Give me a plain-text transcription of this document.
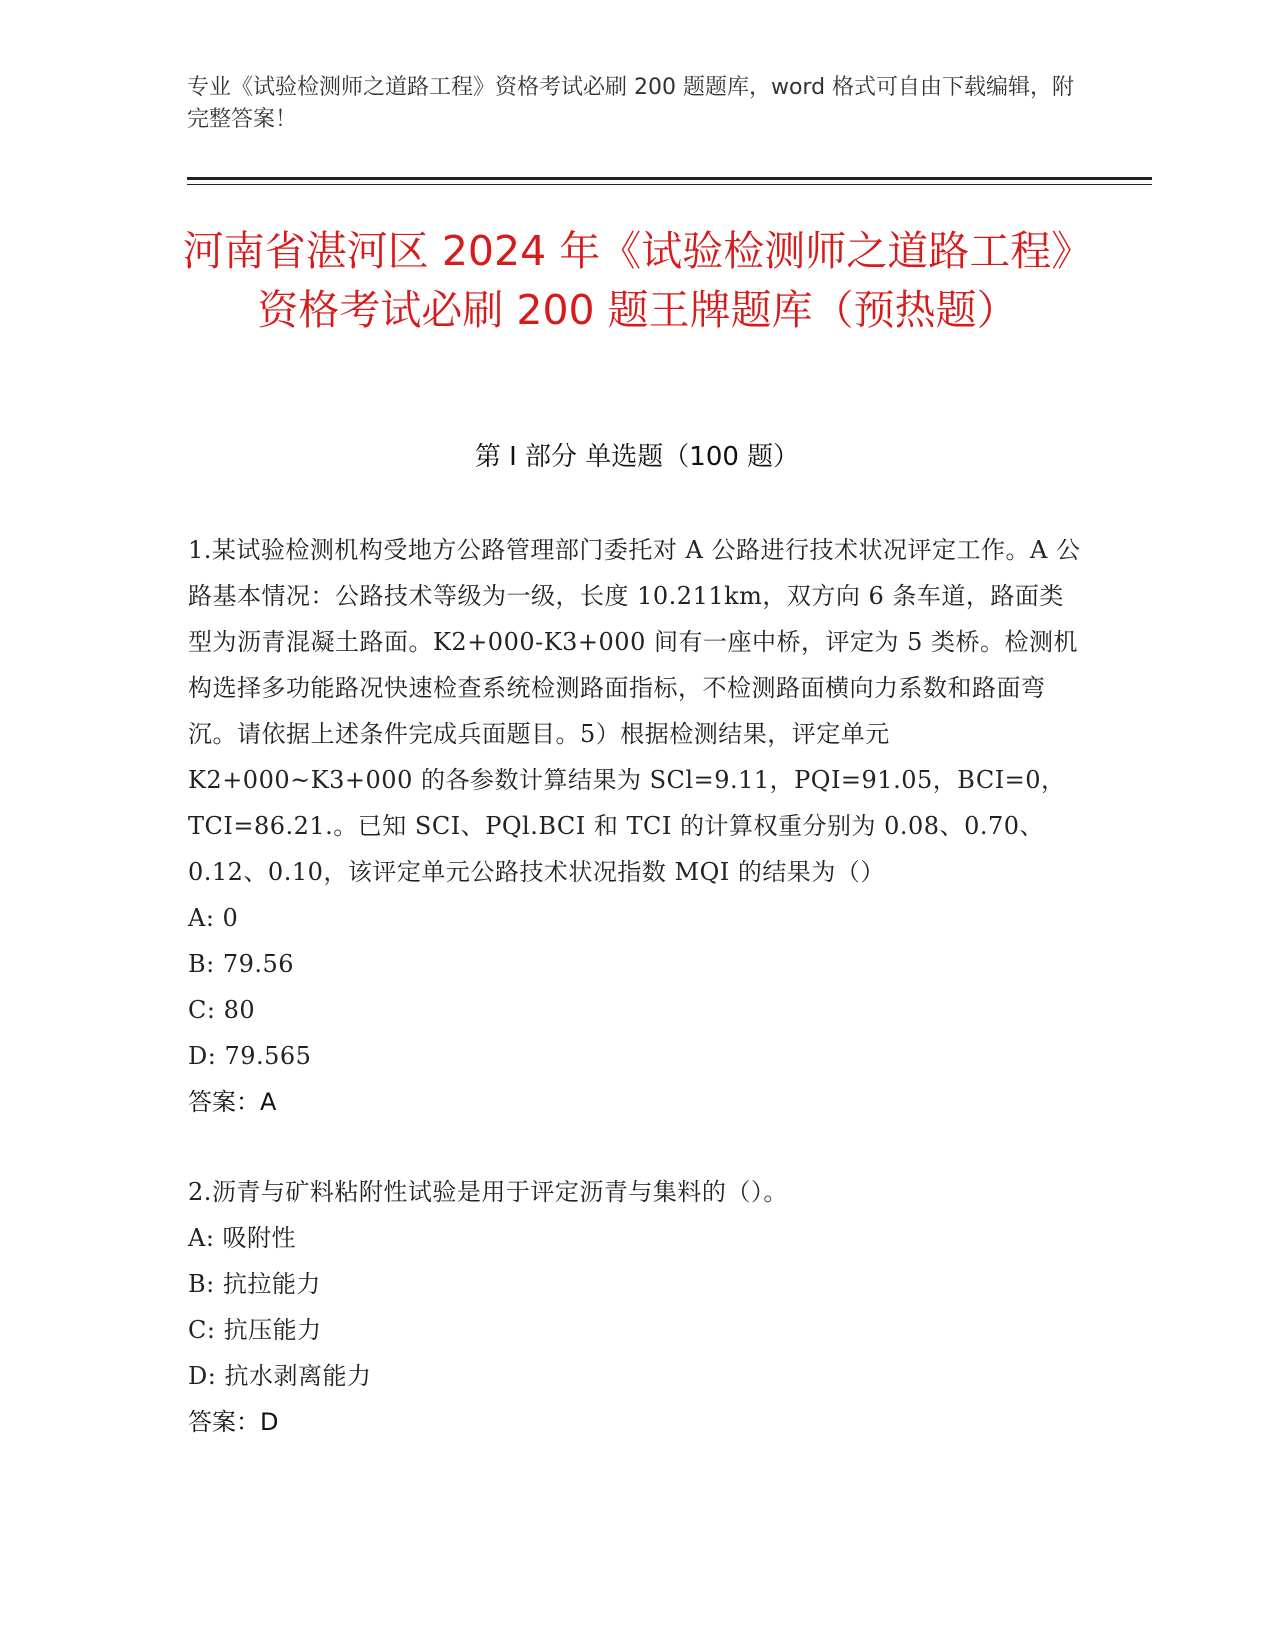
专业《试验检测师之道路工程》资格考试必刷 200 题题库，word 格式可自由下载编辑，附完整答案！
河南省湛河区 2024 年《试验检测师之道路工程》资格考试必刷 200 题王牌题库（预热题）
第 I 部分 单选题（100 题）

1.某试验检测机构受地方公路管理部门委托对 A 公路进行技术状况评定工作。A 公路基本情况：公路技术等级为一级，长度 10.211km，双方向 6 条车道，路面类型为沥青混凝土路面。K2+000-K3+000 间有一座中桥，评定为 5 类桥。检测机构选择多功能路况快速检查系统检测路面指标，不检测路面横向力系数和路面弯沉。请依据上述条件完成兵面题目。5）根据检测结果，评定单元 K2+000~K3+000 的各参数计算结果为 SCl=9.11，PQI=91.05，BCI=0，TCI=86.21.。已知 SCI、PQl.BCI 和 TCI 的计算权重分别为 0.08、0.70、0.12、0.10，该评定单元公路技术状况指数 MQI 的结果为（）

A: 0

B: 79.56

C: 80

D: 79.565

答案：A

2.沥青与矿料粘附性试验是用于评定沥青与集料的（）。

A: 吸附性

B: 抗拉能力

C: 抗压能力

D: 抗水剥离能力

答案：D
